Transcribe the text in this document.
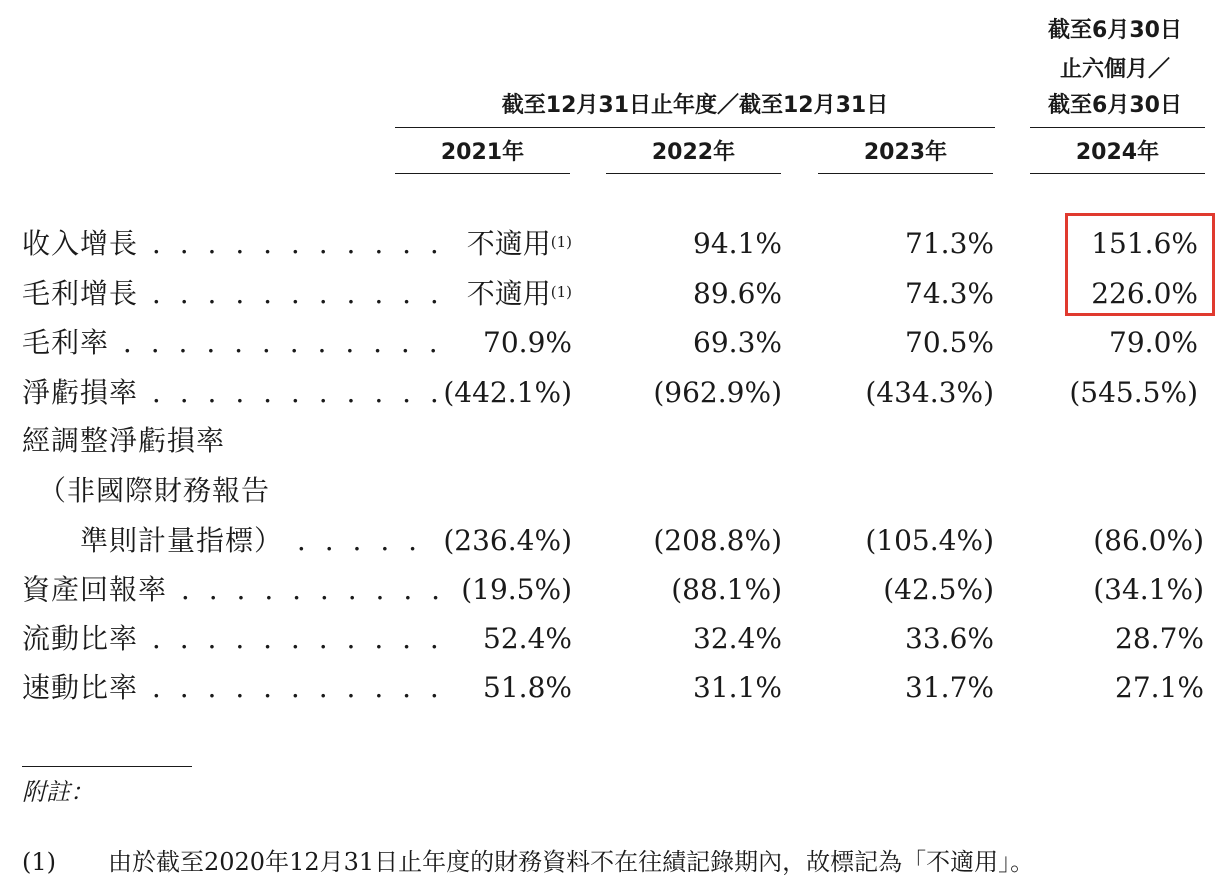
截至6月30日
止六個月／
截至6月30日
截至12月31日止年度／截至12月31日
2021年	2022年	2023年	2024年
收入增長 . . . . . . . . . . . 不適用$^{(1)}$	94.1%	71.3%	151.6%
毛利增長 . . . . . . . . . . . 不適用$^{(1)}$	89.6%	74.3%	226.0%
毛利率 . . . . . . . . . . . . 70.9%	69.3%	70.5%	79.0%
淨虧損率 . . . . . . . . . . . (442.1%)	(962.9%)	(434.3%)	(545.5%)
經調整淨虧損率
（非國際財務報告
準則計量指標） . . . . . (236.4%)	(208.8%)	(105.4%)	(86.0%)
資產回報率 . . . . . . . . . . (19.5%)	(88.1%)	(42.5%)	(34.1%)
流動比率 . . . . . . . . . . . 52.4%	32.4%	33.6%	28.7%
速動比率 . . . . . . . . . . . 51.8%	31.1%	31.7%	27.1%
附註：
(1) 由於截至2020年12月31日止年度的財務資料不在往績記錄期內，故標記為「不適用」。
